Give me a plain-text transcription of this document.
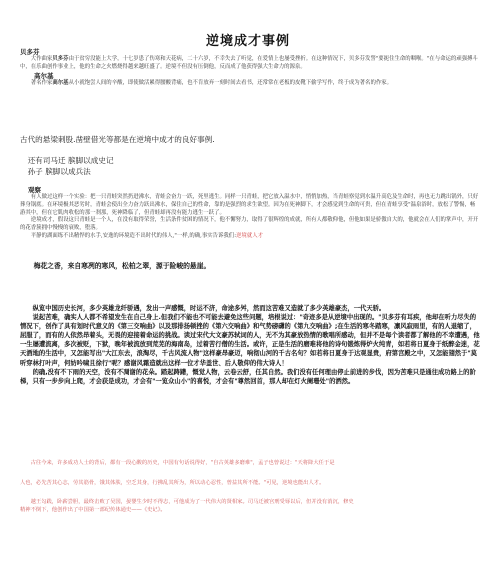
逆境成才事例
贝多芬

大作曲家贝多芬由于贫穷没能上大学，十七岁患了伤寒和天花病，二十六岁，不幸失去了听觉，在爱情上也屡受挫折。在这种情况下，贝多芬发誓"要扼住生命的咽喉。"在与命运的顽强搏斗中，在乐曲创作事业上，他的生命之火燃烧得越来越旺盛了。逆境不但没有压倒他，反而成了他获得强大生命力的源泉。

高尔基

著名作家高尔基从小就饱尝人间的辛酸，即使做活累得腰酸背痛，也不肯放弃一刻时间去看书，还常常在老板的皮靴下偷学写作，终于成为著名的作家。

古代的悬梁刺股.凿壁借光等都是在逆境中成才的良好事例.

还有司马迁 膑脚以成史记

孙子 膑脚以成兵法

观察

有人做过这样一个实验：把一只青蛙突然扔进沸水，青蛙会奋力一跃，死里逃生。同样一只青蛙，把它放入温水中，悄悄加热，当青蛙察觉到水温升高危及生命时，再也无力跳出锅外，只好葬身锅底。在环境极其恶劣时，青蛙会使出全力奋力跃出沸水，保住自己的性命，靠的是强烈的求生欲望。因为在死神脚下，才会感觉到生命的可贵，但在青蛙享受"温泉浴时，放松了警惕，畅游其中，但在它肌肉收松的那一刹那，死神降临了，但青蛙却再没有能力逃生一跃了。

逆境成才，假设这只青蛙是一个人，在没有取得荣誉，生活条件贫困的情况下，他不懈努力，取得了很辉煌的成就，所有人都敬仰他，但他如果是骄傲自大的，他就会在人们的掌声中，开开的花香簇拥中慢慢的衰败，堕落。

平静的湖面练不出精悍的水手,安逸的环境造不出时代的伟人,"一样,的确,事实告诉我们:逆境就人才

梅花之香，来自寒冽的寒风，松柏之翠，源于险峻的悬崖。

纵览中国历史长河，多少英雄龙纤骄遇，发出一声感慨，时运不济，命途多舛，然而这苦难又造就了多少英雄豪杰，一代天骄。

说起苦难，确实人人都不希望发生在自己身上.但我们不能也不可能去避免这些问题，培根说过："奇迹多是从逆境中出现的。"贝多芬有耳疾，他却在听力尽失的情况下，创作了具有划时代意义的《第三交响曲》以及那排扬顿挫的《第六交响曲》和气势磅礴的《第九交响曲》;在生活的寒冬踏寒，凛风寂雨里，有的人退缩了，屈服了，而有的人依然昂着头，无畏的迎接着命运的挑战。读过宋代大文豪苏轼词的人，无不为其豪放热情的歌唱所感动，但并不是每个读者都了解他的不幸遭遇，他一生屡遭流离，多次被贬，下狱，晚年被流放到荒芜的海南岛，过着苦行僧的生活。或许，正是生活的磨难将他的诗句锻炼得炉火纯青，如若将日夏身于纸醉金迷，花天酒地的生活中，又怎能写出"大江东去，浪淘尽，千古风流人物"这样豪昂豪迈，响彻山河的千古名句？如若将日夏身于达观显贵，府第宫殿之中，又怎能翅然于"莫听穿林打叶声，何妨吟啸且徐行"呢？感谢风霜造就出这样一位才华盖世、后人敬仰的伟大诗人！

的确,没有不下雨的天空，没有不凋谢的花朵。踏起踌躇，慨觉人物，云卷云舒，任其自然。我们没有任何理由停止前进的步伐，因为苦难只是通往成功路上的阶梯，只有一步步向上爬，才会获是成功，才会有"一览众山小"的喜悦，才会有"尊然回首，那人却在灯火阑珊处"的洒然。

古往今来，许多成功人士的背后，都有一段心酸的历史，中国有句话说得好，"自古英雄多磨难"，孟子也曾说过："天将降大任于是

人也，必先苦其心志，劳其筋骨，饿其体肤，空乏其身，行拂乱其所为，所以动心忍性，曾益其所不能。"可见，逆境也能出人才。

越王勾践，卧薪尝胆，最终击败了吴国，晏婴生少时不得志，可他成为了一代伟大的贤相家。司马迁被宫刑受辱以后，但并没有消沉，修史

精神不倒下，他创作出了中国第一部纪传体通史——《史记》。
